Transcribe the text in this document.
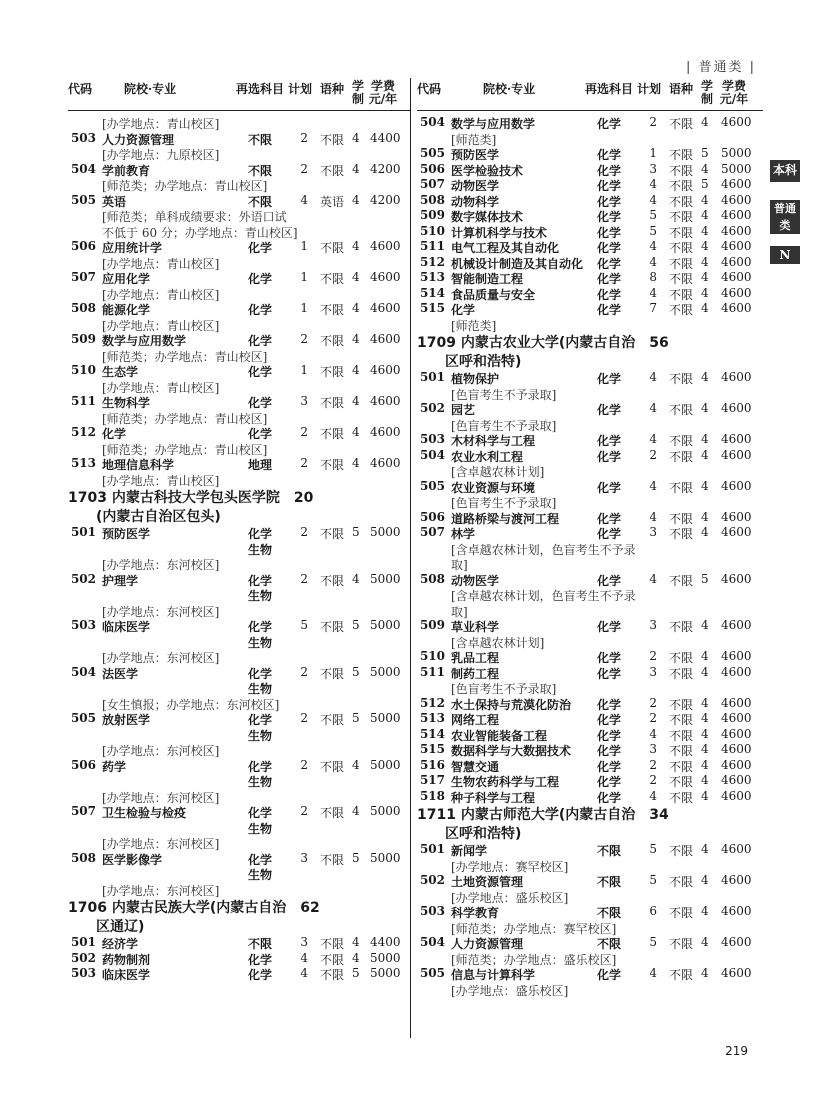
| 普通类 |
本科
普通类
N
代码	院校·专业	再选科目 计划 语种 学制
学费元/年
[办学地点：青山校区]
503 人力资源管理	不限	2 不限 4 4400
[办学地点：九原校区]
504 学前教育	不限	2 不限 4 4200
[师范类；办学地点：青山校区]
505 英语	不限	4 英语 4 4200
[师范类；单科成绩要求：外语口试
不低于 60 分；办学地点：青山校区]
506 应用统计学	化学	1 不限 4 4600
[办学地点：青山校区]
507 应用化学	化学	1 不限 4 4600
[办学地点：青山校区]
508 能源化学	化学	1 不限 4 4600
[办学地点：青山校区]
509 数学与应用数学	化学	2 不限 4 4600
[师范类；办学地点：青山校区]
510 生态学	化学	1 不限 4 4600
[办学地点：青山校区]
511 生物科学	化学	3 不限 4 4600
[师范类；办学地点：青山校区]
512 化学	化学	2 不限 4 4600
[师范类；办学地点：青山校区]
513 地理信息科学	地理	2 不限 4 4600
[办学地点：青山校区]
1703 内蒙古科技大学包头医学院　20
　　(内蒙古自治区包头)
501 预防医学	化学	2 不限 5 5000
生物
[办学地点：东河校区]
502 护理学	化学	2 不限 4 5000
生物
[办学地点：东河校区]
503 临床医学	化学	5 不限 5 5000
生物
[办学地点：东河校区]
504 法医学	化学	2 不限 5 5000
生物
[女生慎报；办学地点：东河校区]
505 放射医学	化学	2 不限 5 5000
生物
[办学地点：东河校区]
506 药学	化学	2 不限 4 5000
生物
[办学地点：东河校区]
507 卫生检验与检疫	化学	2 不限 4 5000
生物
[办学地点：东河校区]
508 医学影像学	化学	3 不限 5 5000
生物
[办学地点：东河校区]
1706 内蒙古民族大学(内蒙古自治　62
　　区通辽)
501 经济学	不限	3 不限 4 4400
502 药物制剂	化学	4 不限 4 5000
503 临床医学	化学	4 不限 5 5000
代码	院校·专业	再选科目 计划 语种 学制
学费元/年
504 数学与应用数学	化学	2 不限 4 4600
[师范类]
505 预防医学	化学	1 不限 5 5000
506 医学检验技术	化学	3 不限 4 5000
507 动物医学	化学	4 不限 5 4600
508 动物科学	化学	4 不限 4 4600
509 数字媒体技术	化学	5 不限 4 4600
510 计算机科学与技术	化学	5 不限 4 4600
511 电气工程及其自动化	化学	4 不限 4 4600
512 机械设计制造及其自动化 化学	4 不限 4 4600
513 智能制造工程	化学	8 不限 4 4600
514 食品质量与安全	化学	4 不限 4 4600
515 化学	化学	7 不限 4 4600
[师范类]
1709 内蒙古农业大学(内蒙古自治　56
　　区呼和浩特)
501 植物保护	化学	4 不限 4 4600
[色盲考生不予录取]
502 园艺	化学	4 不限 4 4600
[色盲考生不予录取]
503 木材科学与工程	化学	4 不限 4 4600
504 农业水利工程	化学	2 不限 4 4600
[含卓越农林计划]
505 农业资源与环境	化学	4 不限 4 4600
[色盲考生不予录取]
506 道路桥梁与渡河工程	化学	4 不限 4 4600
507 林学	化学	3 不限 4 4600
[含卓越农林计划，色盲考生不予录
取]
508 动物医学	化学	4 不限 5 4600
[含卓越农林计划，色盲考生不予录
取]
509 草业科学	化学	3 不限 4 4600
[含卓越农林计划]
510 乳品工程	化学	2 不限 4 4600
511 制药工程	化学	3 不限 4 4600
[色盲考生不予录取]
512 水土保持与荒漠化防治 化学	2 不限 4 4600
513 网络工程	化学	2 不限 4 4600
514 农业智能装备工程	化学	4 不限 4 4600
515 数据科学与大数据技术 化学	3 不限 4 4600
516 智慧交通	化学	2 不限 4 4600
517 生物农药科学与工程	化学	2 不限 4 4600
518 种子科学与工程	化学	4 不限 4 4600
1711 内蒙古师范大学(内蒙古自治　34
　　区呼和浩特)
501 新闻学	不限	5 不限 4 4600
[办学地点：赛罕校区]
502 土地资源管理	不限	5 不限 4 4600
[办学地点：盛乐校区]
503 科学教育	不限	6 不限 4 4600
[师范类；办学地点：赛罕校区]
504 人力资源管理	不限	5 不限 4 4600
[师范类；办学地点：盛乐校区]
505 信息与计算科学	化学	4 不限 4 4600
[办学地点：盛乐校区]
219
